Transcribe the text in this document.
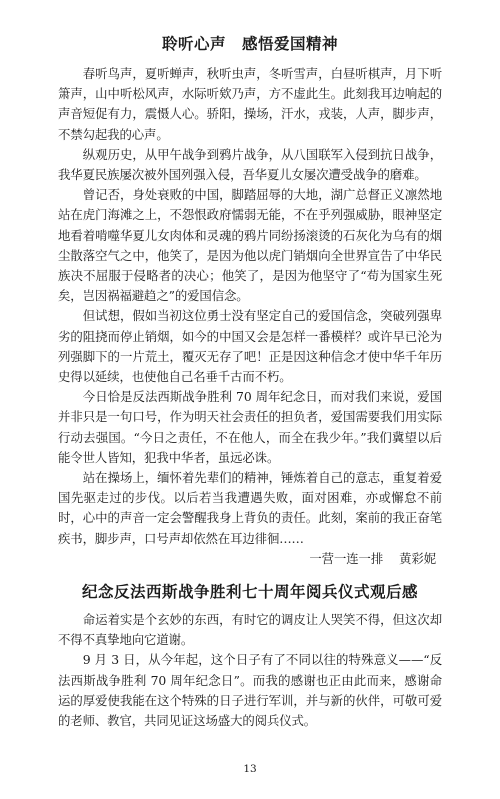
聆听心声　感悟爱国精神

春听鸟声，夏听蝉声，秋听虫声，冬听雪声，白昼听棋声，月下听箫声，山中听松风声，水际听欸乃声，方不虚此生。此刻我耳边响起的声音短促有力，震慑人心。骄阳，操场，汗水，戎装，人声，脚步声，不禁勾起我的心声。

纵观历史，从甲午战争到鸦片战争，从八国联军入侵到抗日战争，我华夏民族屡次被外国列强入侵，吾华夏儿女屡次遭受战争的磨难。

曾记否，身处衰败的中国，脚踏屈辱的大地，湖广总督正义凛然地站在虎门海滩之上，不怨恨政府懦弱无能，不在乎列强威胁，眼神坚定地看着啃噬华夏儿女肉体和灵魂的鸦片同纷扬滚烫的石灰化为乌有的烟尘散落空气之中，他笑了，是因为他以虎门销烟向全世界宣告了中华民族决不屈服于侵略者的决心；他笑了，是因为他坚守了“苟为国家生死矣，岂因祸福避趋之”的爱国信念。

但试想，假如当初这位勇士没有坚定自己的爱国信念，突破列强卑劣的阻挠而停止销烟，如今的中国又会是怎样一番模样？或许早已沦为列强脚下的一片荒土，覆灭无存了吧！正是因这种信念才使中华千年历史得以延续，也使他自己名垂千古而不朽。

今日恰是反法西斯战争胜利 70 周年纪念日，而对我们来说，爱国并非只是一句口号，作为明天社会责任的担负者，爱国需要我们用实际行动去强国。“今日之责任，不在他人，而全在我少年。”我们冀望以后能令世人皆知，犯我中华者，虽远必诛。

站在操场上，缅怀着先辈们的精神，锤炼着自己的意志，重复着爱国先驱走过的步伐。以后若当我遭遇失败，面对困难，亦或懈怠不前时，心中的声音一定会警醒我身上背负的责任。此刻，案前的我正奋笔疾书，脚步声，口号声却依然在耳边徘徊……

一营一连一排 黄彩妮

纪念反法西斯战争胜利七十周年阅兵仪式观后感

命运着实是个玄妙的东西，有时它的调皮让人哭笑不得，但这次却不得不真挚地向它道谢。

9 月 3 日，从今年起，这个日子有了不同以往的特殊意义——“反法西斯战争胜利 70 周年纪念日”。而我的感谢也正由此而来，感谢命运的厚爱使我能在这个特殊的日子进行军训，并与新的伙伴，可敬可爱的老师、教官，共同见证这场盛大的阅兵仪式。

13
